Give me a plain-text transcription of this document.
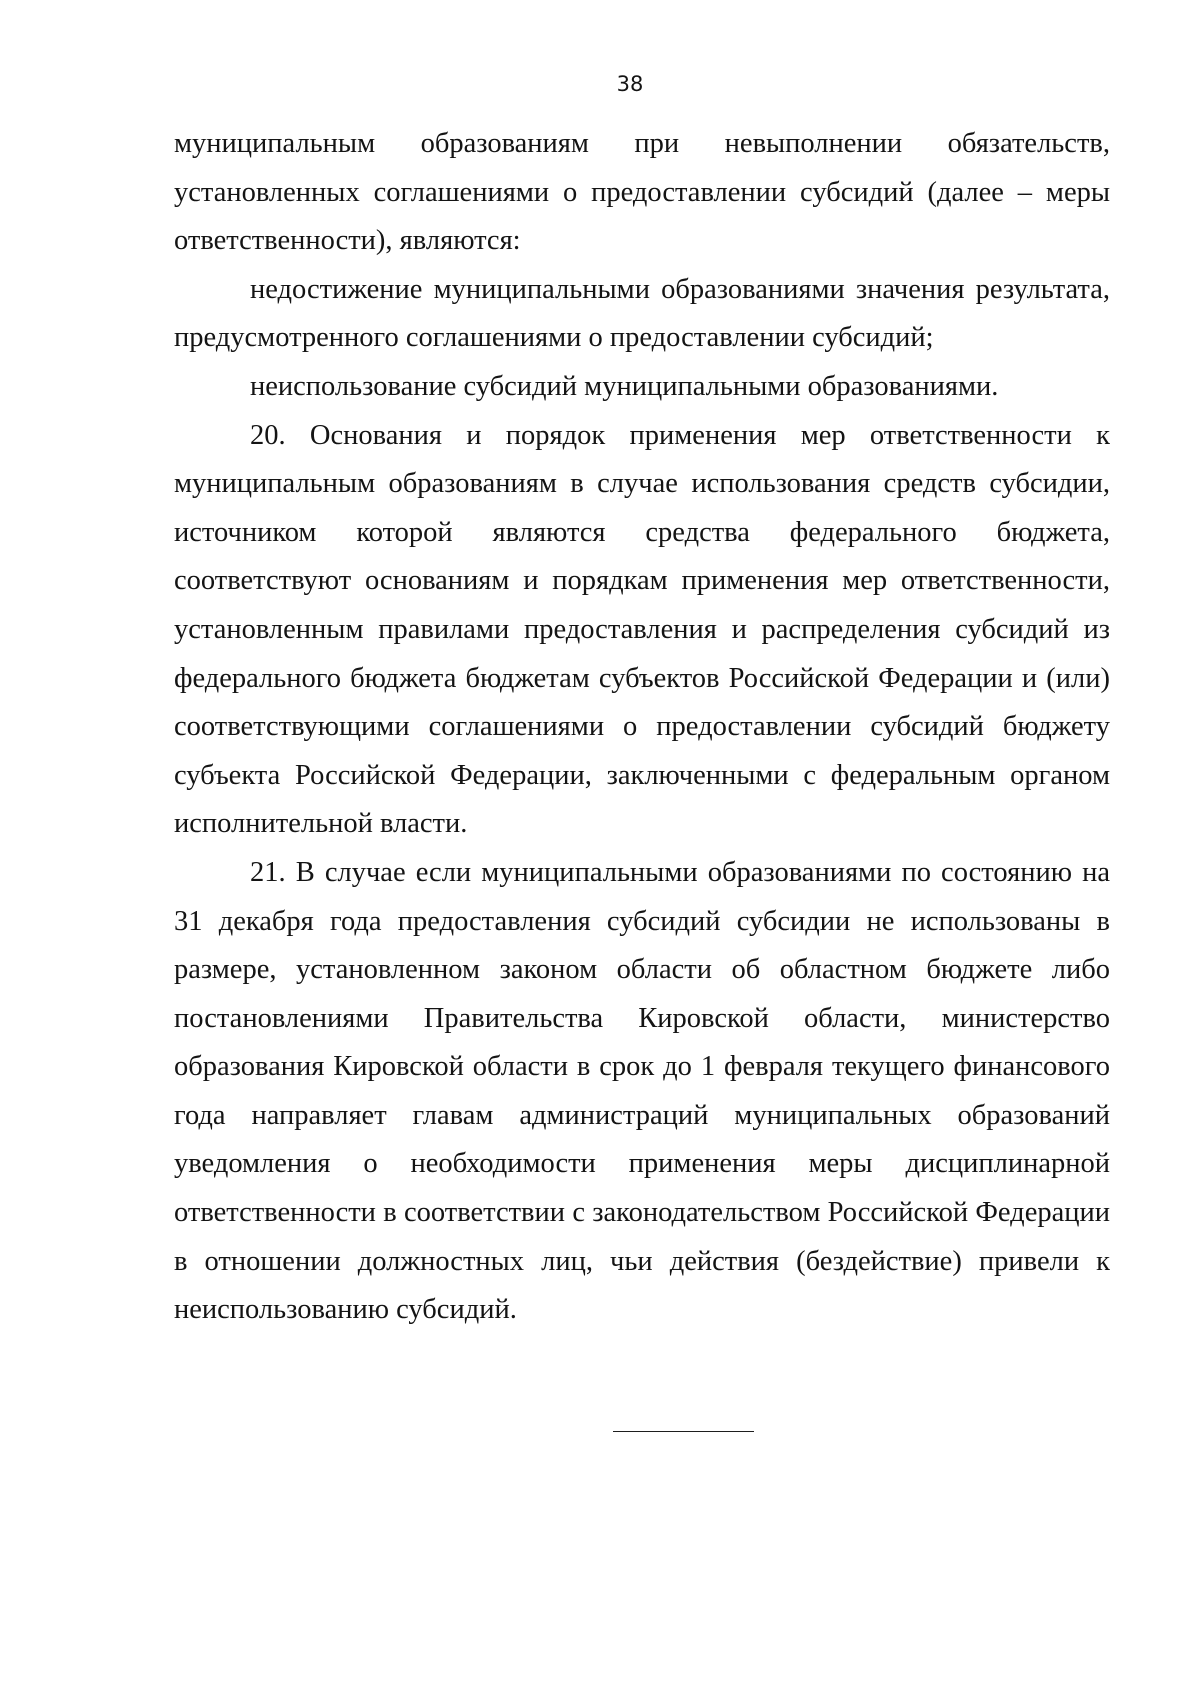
38

муниципальным образованиям при невыполнении обязательств, установленных соглашениями о предоставлении субсидий (далее – меры ответственности), являются:

недостижение муниципальными образованиями значения результата, предусмотренного соглашениями о предоставлении субсидий;

неиспользование субсидий муниципальными образованиями.

20. Основания и порядок применения мер ответственности к муниципальным образованиям в случае использования средств субсидии, источником которой являются средства федерального бюджета, соответствуют основаниям и порядкам применения мер ответственности, установленным правилами предоставления и распределения субсидий из федерального бюджета бюджетам субъектов Российской Федерации и (или) соответствующими соглашениями о предоставлении субсидий бюджету субъекта Российской Федерации, заключенными с федеральным органом исполнительной власти.

21. В случае если муниципальными образованиями по состоянию на 31 декабря года предоставления субсидий субсидии не использованы в размере, установленном законом области об областном бюджете либо постановлениями Правительства Кировской области, министерство образования Кировской области в срок до 1 февраля текущего финансового года направляет главам администраций муниципальных образований уведомления о необходимости применения меры дисциплинарной ответственности в соответствии с законодательством Российской Федерации в отношении должностных лиц, чьи действия (бездействие) привели к неиспользованию субсидий.
